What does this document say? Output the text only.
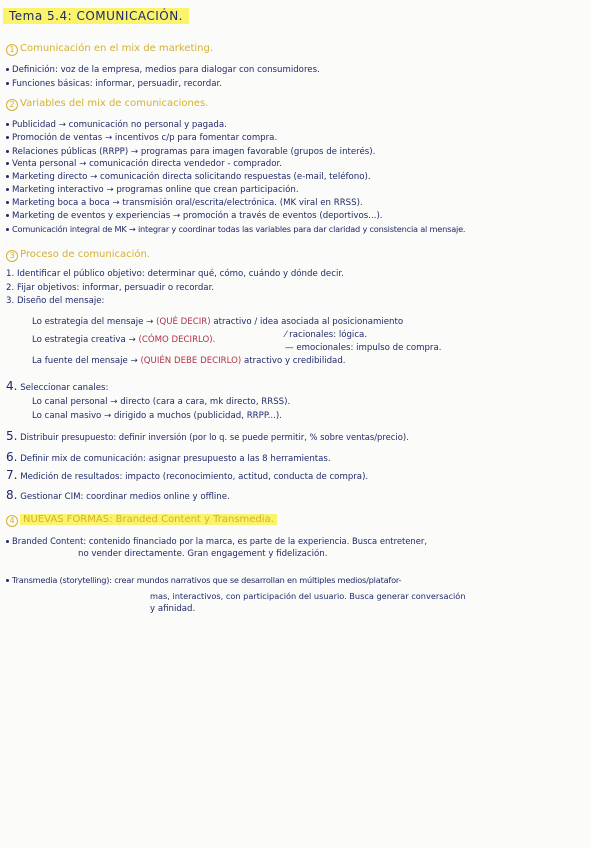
Tema 5.4: COMUNICACIÓN.
1 Comunicación en el mix de marketing.
Definición: voz de la empresa, medios para dialogar con consumidores.
Funciones básicas: informar, persuadir, recordar.
2 Variables del mix de comunicaciones.
Publicidad → comunicación no personal y pagada.
Promoción de ventas → incentivos c/p para fomentar compra.
Relaciones públicas (RRPP) → programas para imagen favorable (grupos de interés).
Venta personal → comunicación directa vendedor - comprador.
Marketing directo → comunicación directa solicitando respuestas (e-mail, teléfono).
Marketing interactivo → programas online que crean participación.
Marketing boca a boca → transmisión oral/escrita/electrónica. (MK viral en RRSS).
Marketing de eventos y experiencias → promoción a través de eventos (deportivos...).
Comunicación integral de MK → integrar y coordinar todas las variables para dar claridad y consistencia al mensaje.
3 Proceso de comunicación.
1. Identificar el público objetivo: determinar qué, cómo, cuándo y dónde decir.
2. Fijar objetivos: informar, persuadir o recordar.
3. Diseño del mensaje:
Lo estrategia del mensaje → (QUÉ DECIR) atractivo / idea asociada al posicionamiento
Lo estrategia creativa → (CÓMO DECIRLO).	⁄ racionales: lógica.
— emocionales: impulso de compra.
La fuente del mensaje → (QUIÉN DEBE DECIRLO) atractivo y credibilidad.
4. Seleccionar canales:
Lo canal personal → directo (cara a cara, mk directo, RRSS).
Lo canal masivo → dirigido a muchos (publicidad, RRPP...).
5. Distribuir presupuesto: definir inversión (por lo q. se puede permitir, % sobre ventas/precio).
6. Definir mix de comunicación: asignar presupuesto a las 8 herramientas.
7. Medición de resultados: impacto (reconocimiento, actitud, conducta de compra).
8. Gestionar CIM: coordinar medios online y offline.
4 NUEVAS FORMAS: Branded Content y Transmedia.
Branded Content: contenido financiado por la marca, es parte de la experiencia. Busca entretener,
no vender directamente. Gran engagement y fidelización.
Transmedia (storytelling): crear mundos narrativos que se desarrollan en múltiples medios/platafor-
mas, interactivos, con participación del usuario. Busca generar conversación
y afinidad.
